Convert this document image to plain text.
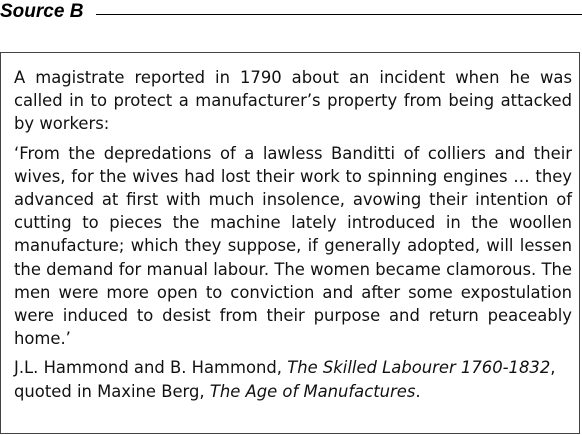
Source B

A magistrate reported in 1790 about an incident when he was called in to protect a manufacturer’s property from being attacked by workers:

‘From the depredations of a lawless Banditti of colliers and their wives, for the wives had lost their work to spinning engines … they advanced at first with much insolence, avowing their intention of cutting to pieces the machine lately introduced in the woollen manufacture; which they suppose, if generally adopted, will lessen the demand for manual labour. The women became clamorous. The men were more open to conviction and after some expostulation were induced to desist from their purpose and return peaceably home.’

J.L. Hammond and B. Hammond, The Skilled Labourer 1760-1832, quoted in Maxine Berg, The Age of Manufactures.
